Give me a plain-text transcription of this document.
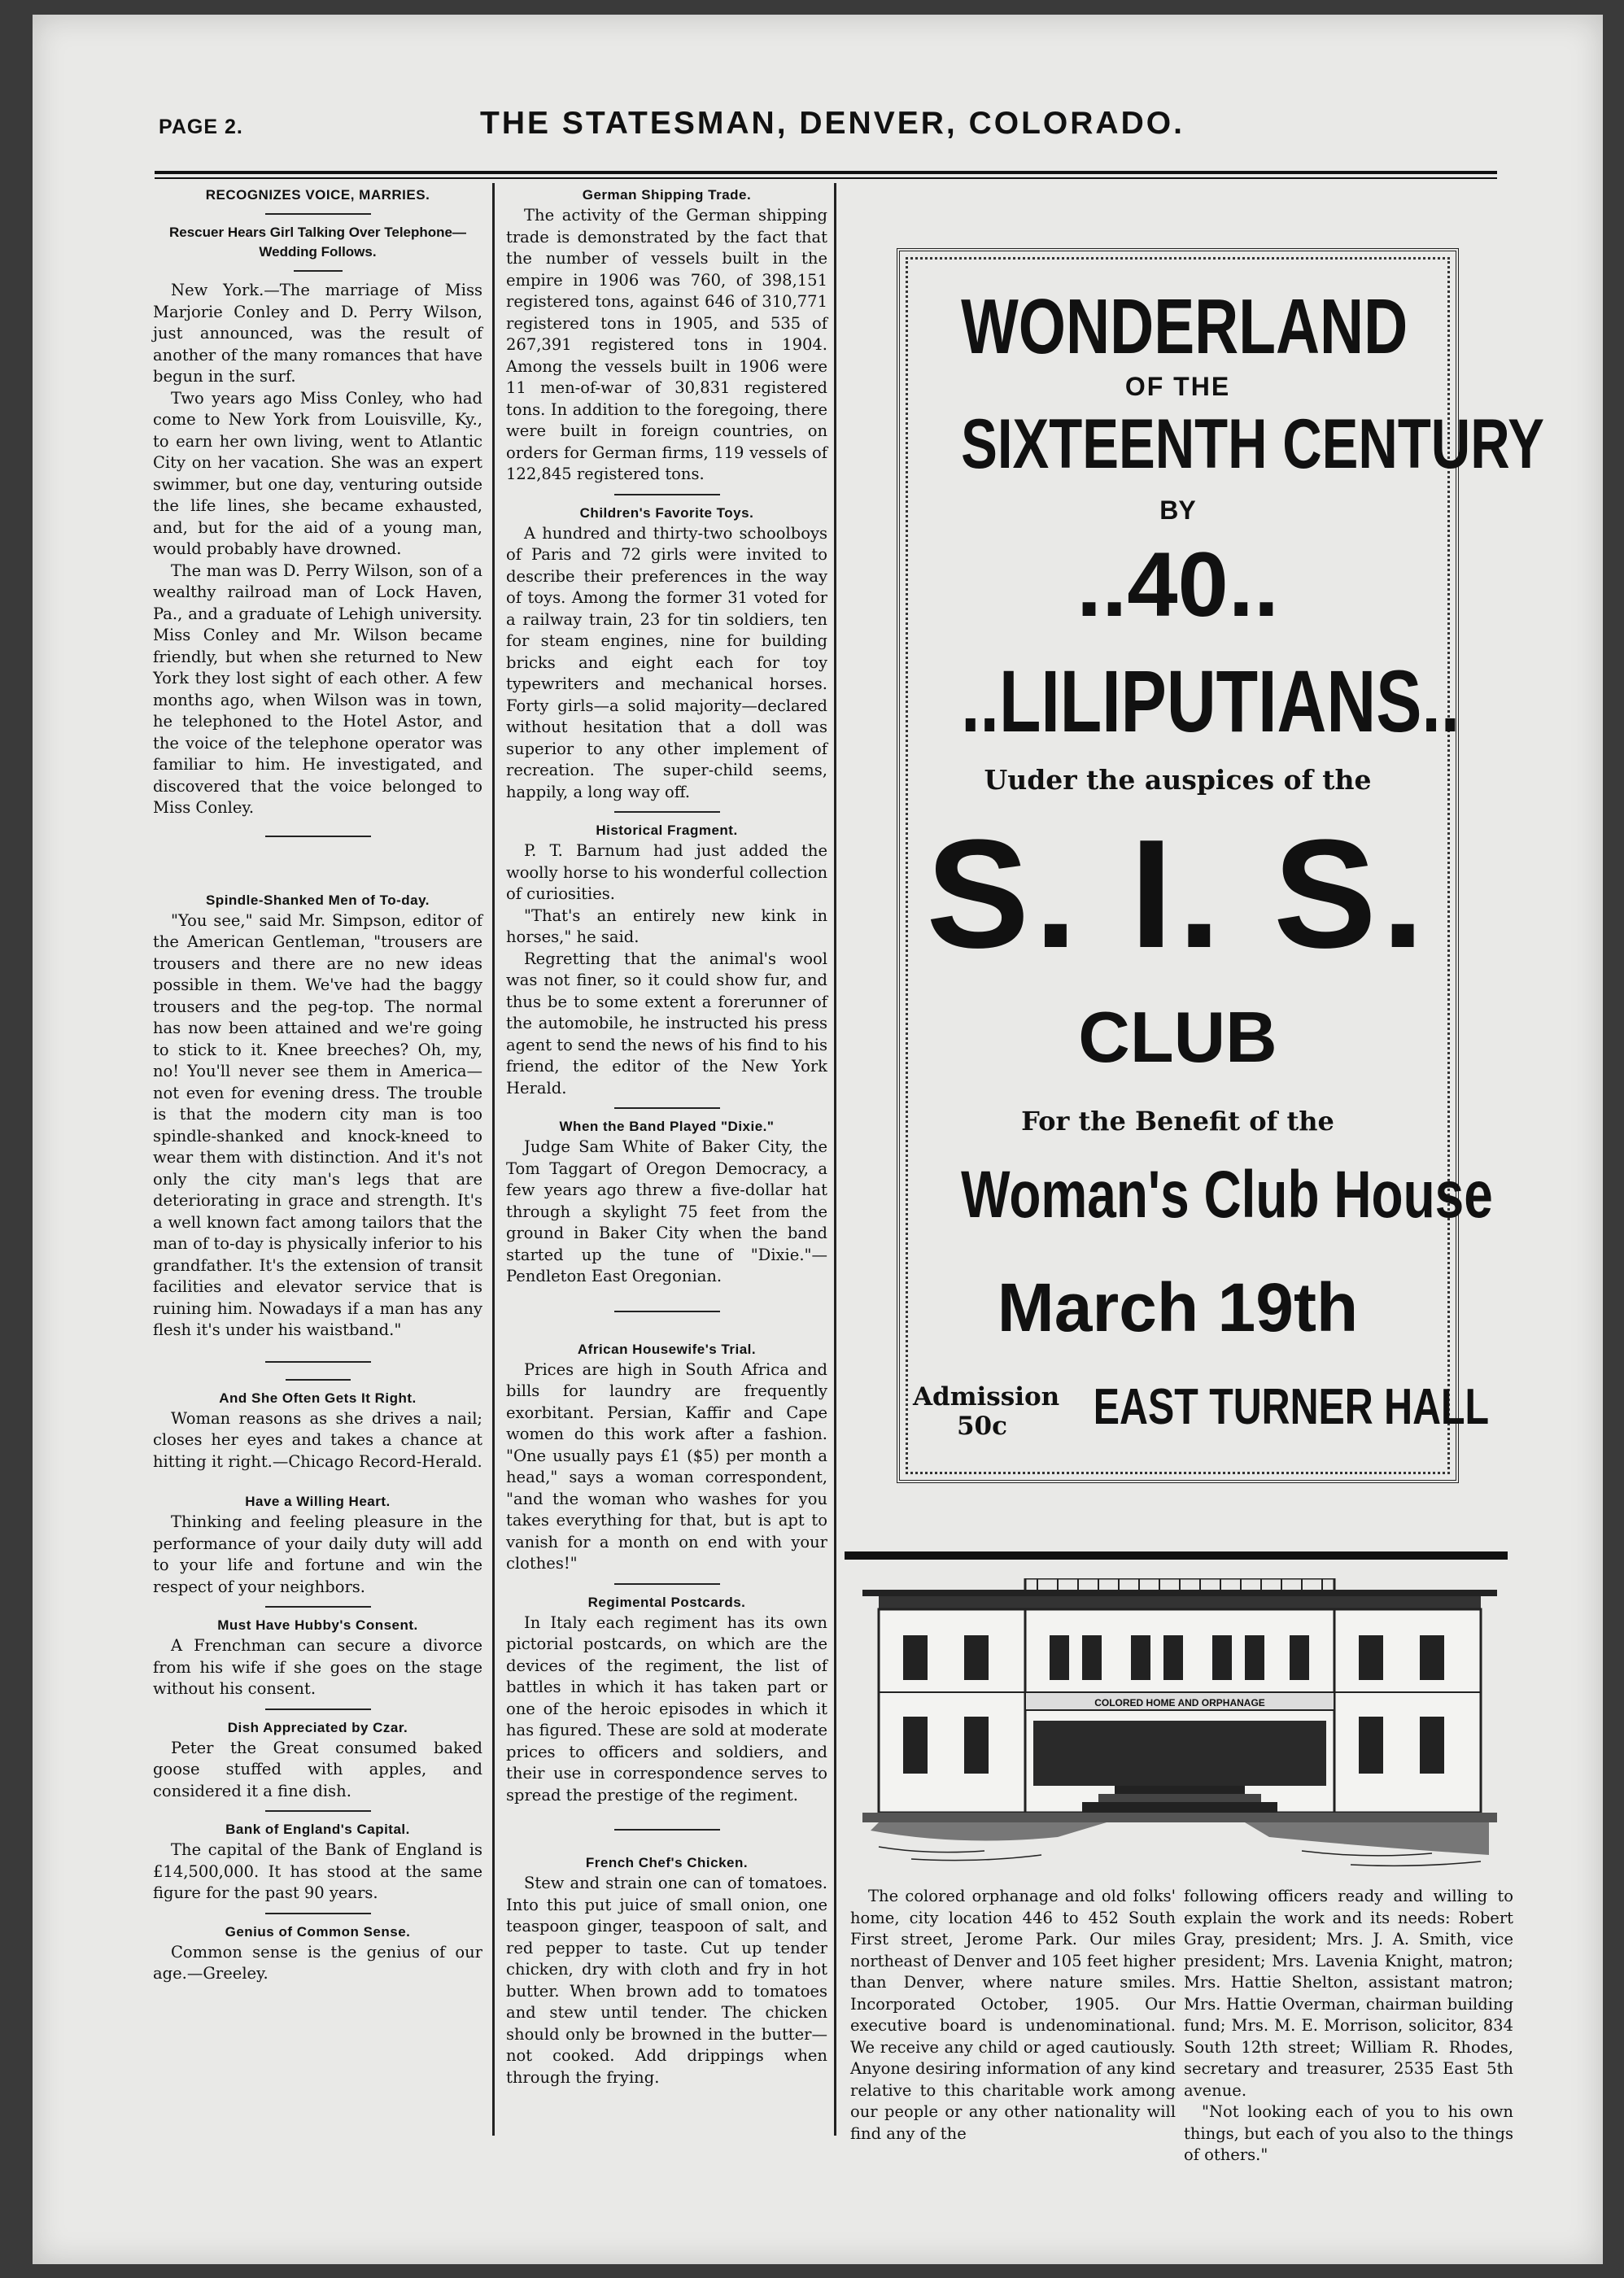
PAGE 2.	THE STATESMAN, DENVER, COLORADO.
RECOGNIZES VOICE, MARRIES.
Rescuer Hears Girl Talking Over Telephone—Wedding Follows.

New York.—The marriage of Miss Marjorie Conley and D. Perry Wilson, just announced, was the result of another of the many romances that have begun in the surf.

Two years ago Miss Conley, who had come to New York from Louisville, Ky., to earn her own living, went to Atlantic City on her vacation. She was an expert swimmer, but one day, venturing outside the life lines, she became exhausted, and, but for the aid of a young man, would probably have drowned.

The man was D. Perry Wilson, son of a wealthy railroad man of Lock Haven, Pa., and a graduate of Lehigh university. Miss Conley and Mr. Wilson became friendly, but when she returned to New York they lost sight of each other. A few months ago, when Wilson was in town, he telephoned to the Hotel Astor, and the voice of the telephone operator was familiar to him. He investigated, and discovered that the voice belonged to Miss Conley.

Spindle-Shanked Men of To-day.

"You see," said Mr. Simpson, editor of the American Gentleman, "trousers are trousers and there are no new ideas possible in them. We've had the baggy trousers and the peg-top. The normal has now been attained and we're going to stick to it. Knee breeches? Oh, my, no! You'll never see them in America—not even for evening dress. The trouble is that the modern city man is too spindle-shanked and knock-kneed to wear them with distinction. And it's not only the city man's legs that are deteriorating in grace and strength. It's a well known fact among tailors that the man of to-day is physically inferior to his grandfather. It's the extension of transit facilities and elevator service that is ruining him. Nowadays if a man has any flesh it's under his waistband."

And She Often Gets It Right.

Woman reasons as she drives a nail; closes her eyes and takes a chance at hitting it right.—Chicago Record-Herald.

Have a Willing Heart.

Thinking and feeling pleasure in the performance of your daily duty will add to your life and fortune and win the respect of your neighbors.

Must Have Hubby's Consent.

A Frenchman can secure a divorce from his wife if she goes on the stage without his consent.

Dish Appreciated by Czar.

Peter the Great consumed baked goose stuffed with apples, and considered it a fine dish.

Bank of England's Capital.

The capital of the Bank of England is £14,500,000. It has stood at the same figure for the past 90 years.

Genius of Common Sense.

Common sense is the genius of our age.—Greeley.

German Shipping Trade.

The activity of the German shipping trade is demonstrated by the fact that the number of vessels built in the empire in 1906 was 760, of 398,151 registered tons, against 646 of 310,771 registered tons in 1905, and 535 of 267,391 registered tons in 1904. Among the vessels built in 1906 were 11 men-of-war of 30,831 registered tons. In addition to the foregoing, there were built in foreign countries, on orders for German firms, 119 vessels of 122,845 registered tons.

Children's Favorite Toys.

A hundred and thirty-two schoolboys of Paris and 72 girls were invited to describe their preferences in the way of toys. Among the former 31 voted for a railway train, 23 for tin soldiers, ten for steam engines, nine for building bricks and eight each for toy typewriters and mechanical horses. Forty girls—a solid majority—declared without hesitation that a doll was superior to any other implement of recreation. The super-child seems, happily, a long way off.

Historical Fragment.

P. T. Barnum had just added the woolly horse to his wonderful collection of curiosities.

"That's an entirely new kink in horses," he said.

Regretting that the animal's wool was not finer, so it could show fur, and thus be to some extent a forerunner of the automobile, he instructed his press agent to send the news of his find to his friend, the editor of the New York Herald.

When the Band Played "Dixie."

Judge Sam White of Baker City, the Tom Taggart of Oregon Democracy, a few years ago threw a five-dollar hat through a skylight 75 feet from the ground in Baker City when the band started up the tune of "Dixie."—Pendleton East Oregonian.

African Housewife's Trial.

Prices are high in South Africa and bills for laundry are frequently exorbitant. Persian, Kaffir and Cape women do this work after a fashion. "One usually pays £1 ($5) per month a head," says a woman correspondent, "and the woman who washes for you takes everything for that, but is apt to vanish for a month on end with your clothes!"

Regimental Postcards.

In Italy each regiment has its own pictorial postcards, on which are the devices of the regiment, the list of battles in which it has taken part or one of the heroic episodes in which it has figured. These are sold at moderate prices to officers and soldiers, and their use in correspondence serves to spread the prestige of the regiment.

French Chef's Chicken.

Stew and strain one can of tomatoes. Into this put juice of small onion, one teaspoon ginger, teaspoon of salt, and red pepper to taste. Cut up tender chicken, dry with cloth and fry in hot butter. When brown add to tomatoes and stew until tender. The chicken should only be browned in the butter—not cooked. Add drippings when through the frying.

WONDERLAND
OF THE
SIXTEENTH CENTURY
BY
..40..
..LILIPUTIANS..
Uuder the auspices of the
S. I. S.
CLUB
For the Benefit of the
Woman's Club House
March 19th
Admission
50c	EAST TURNER HALL
COLORED HOME AND ORPHANAGE

The colored orphanage and old folks' home, city location 446 to 452 South First street, Jerome Park. Our miles northeast of Denver and 105 feet higher than Denver, where nature smiles. Incorporated October, 1905. Our executive board is undenominational. We receive any child or aged cautiously. Anyone desiring information of any kind relative to this charitable work among our people or any other nationality will find any of the

following officers ready and willing to explain the work and its needs: Robert Gray, president; Mrs. J. A. Smith, vice president; Mrs. Lavenia Knight, matron; Mrs. Hattie Shelton, assistant matron; Mrs. Hattie Overman, chairman building fund; Mrs. M. E. Morrison, solicitor, 834 South 12th street; William R. Rhodes, secretary and treasurer, 2535 East 5th avenue.

"Not looking each of you to his own things, but each of you also to the things of others."
